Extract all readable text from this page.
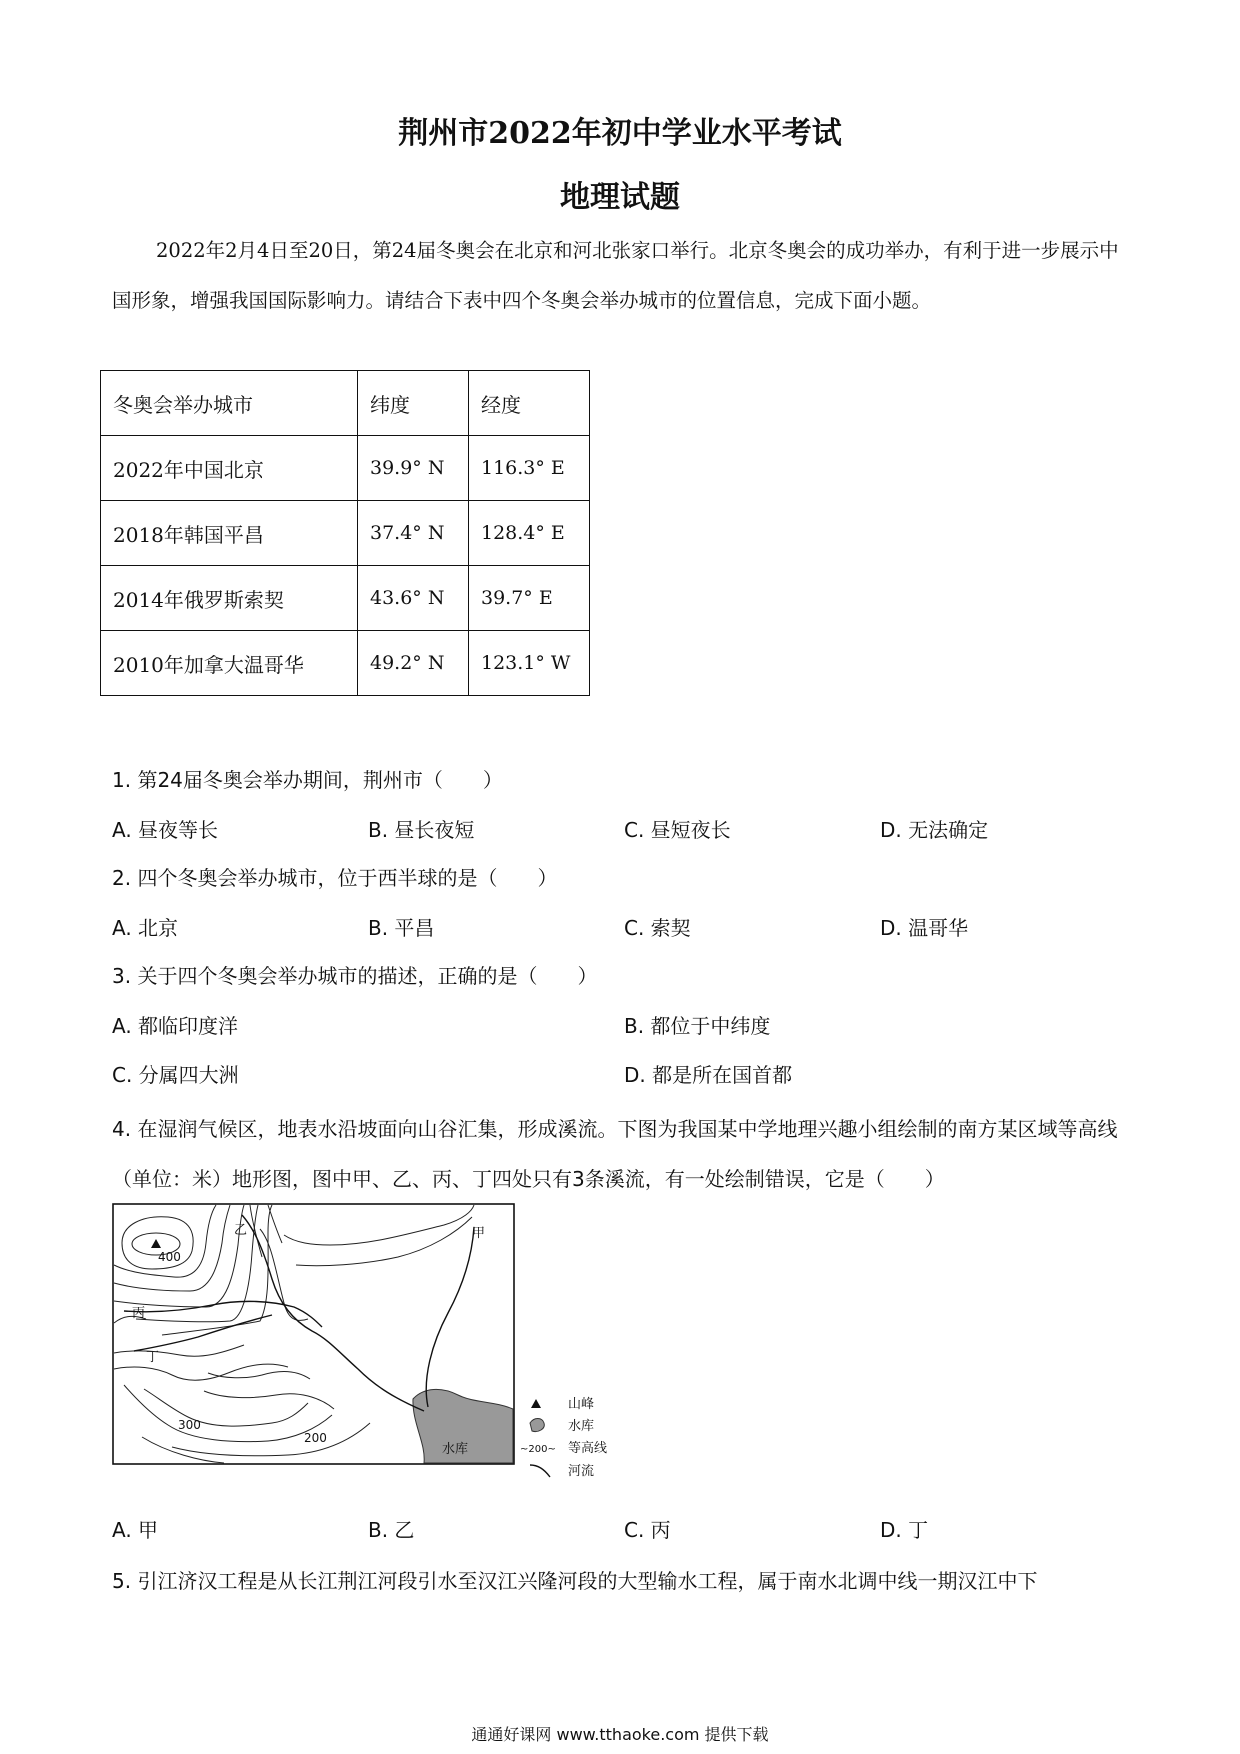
荆州市2022年初中学业水平考试
地理试题

2022年2月4日至20日，第24届冬奥会在北京和河北张家口举行。北京冬奥会的成功举办，有利于进一步展示中国形象，增强我国国际影响力。请结合下表中四个冬奥会举办城市的位置信息，完成下面小题。

冬奥会举办城市	纬度	经度
2022年中国北京	39.9° N	116.3° E
2018年韩国平昌	37.4° N	128.4° E
2014年俄罗斯索契	43.6° N	39.7° E
2010年加拿大温哥华	49.2° N	123.1° W
1. 第24届冬奥会举办期间，荆州市（　　）
A. 昼夜等长	B. 昼长夜短	C. 昼短夜长	D. 无法确定
2. 四个冬奥会举办城市，位于西半球的是（　　）
A. 北京	B. 平昌	C. 索契	D. 温哥华
3. 关于四个冬奥会举办城市的描述，正确的是（　　）
A. 都临印度洋	B. 都位于中纬度
C. 分属四大洲	D. 都是所在国首都
4. 在湿润气候区，地表水沿坡面向山谷汇集，形成溪流。下图为我国某中学地理兴趣小组绘制的南方某区域等高线（单位：米）地形图，图中甲、乙、丙、丁四处只有3条溪流，有一处绘制错误，它是（　　）
乙	甲
丙
丁
400
300
200
水库
山峰
水库
~200~ 等高线
河流
A. 甲	B. 乙	C. 丙	D. 丁
5. 引江济汉工程是从长江荆江河段引水至汉江兴隆河段的大型输水工程，属于南水北调中线一期汉江中下
通通好课网 www.tthaoke.com 提供下载
